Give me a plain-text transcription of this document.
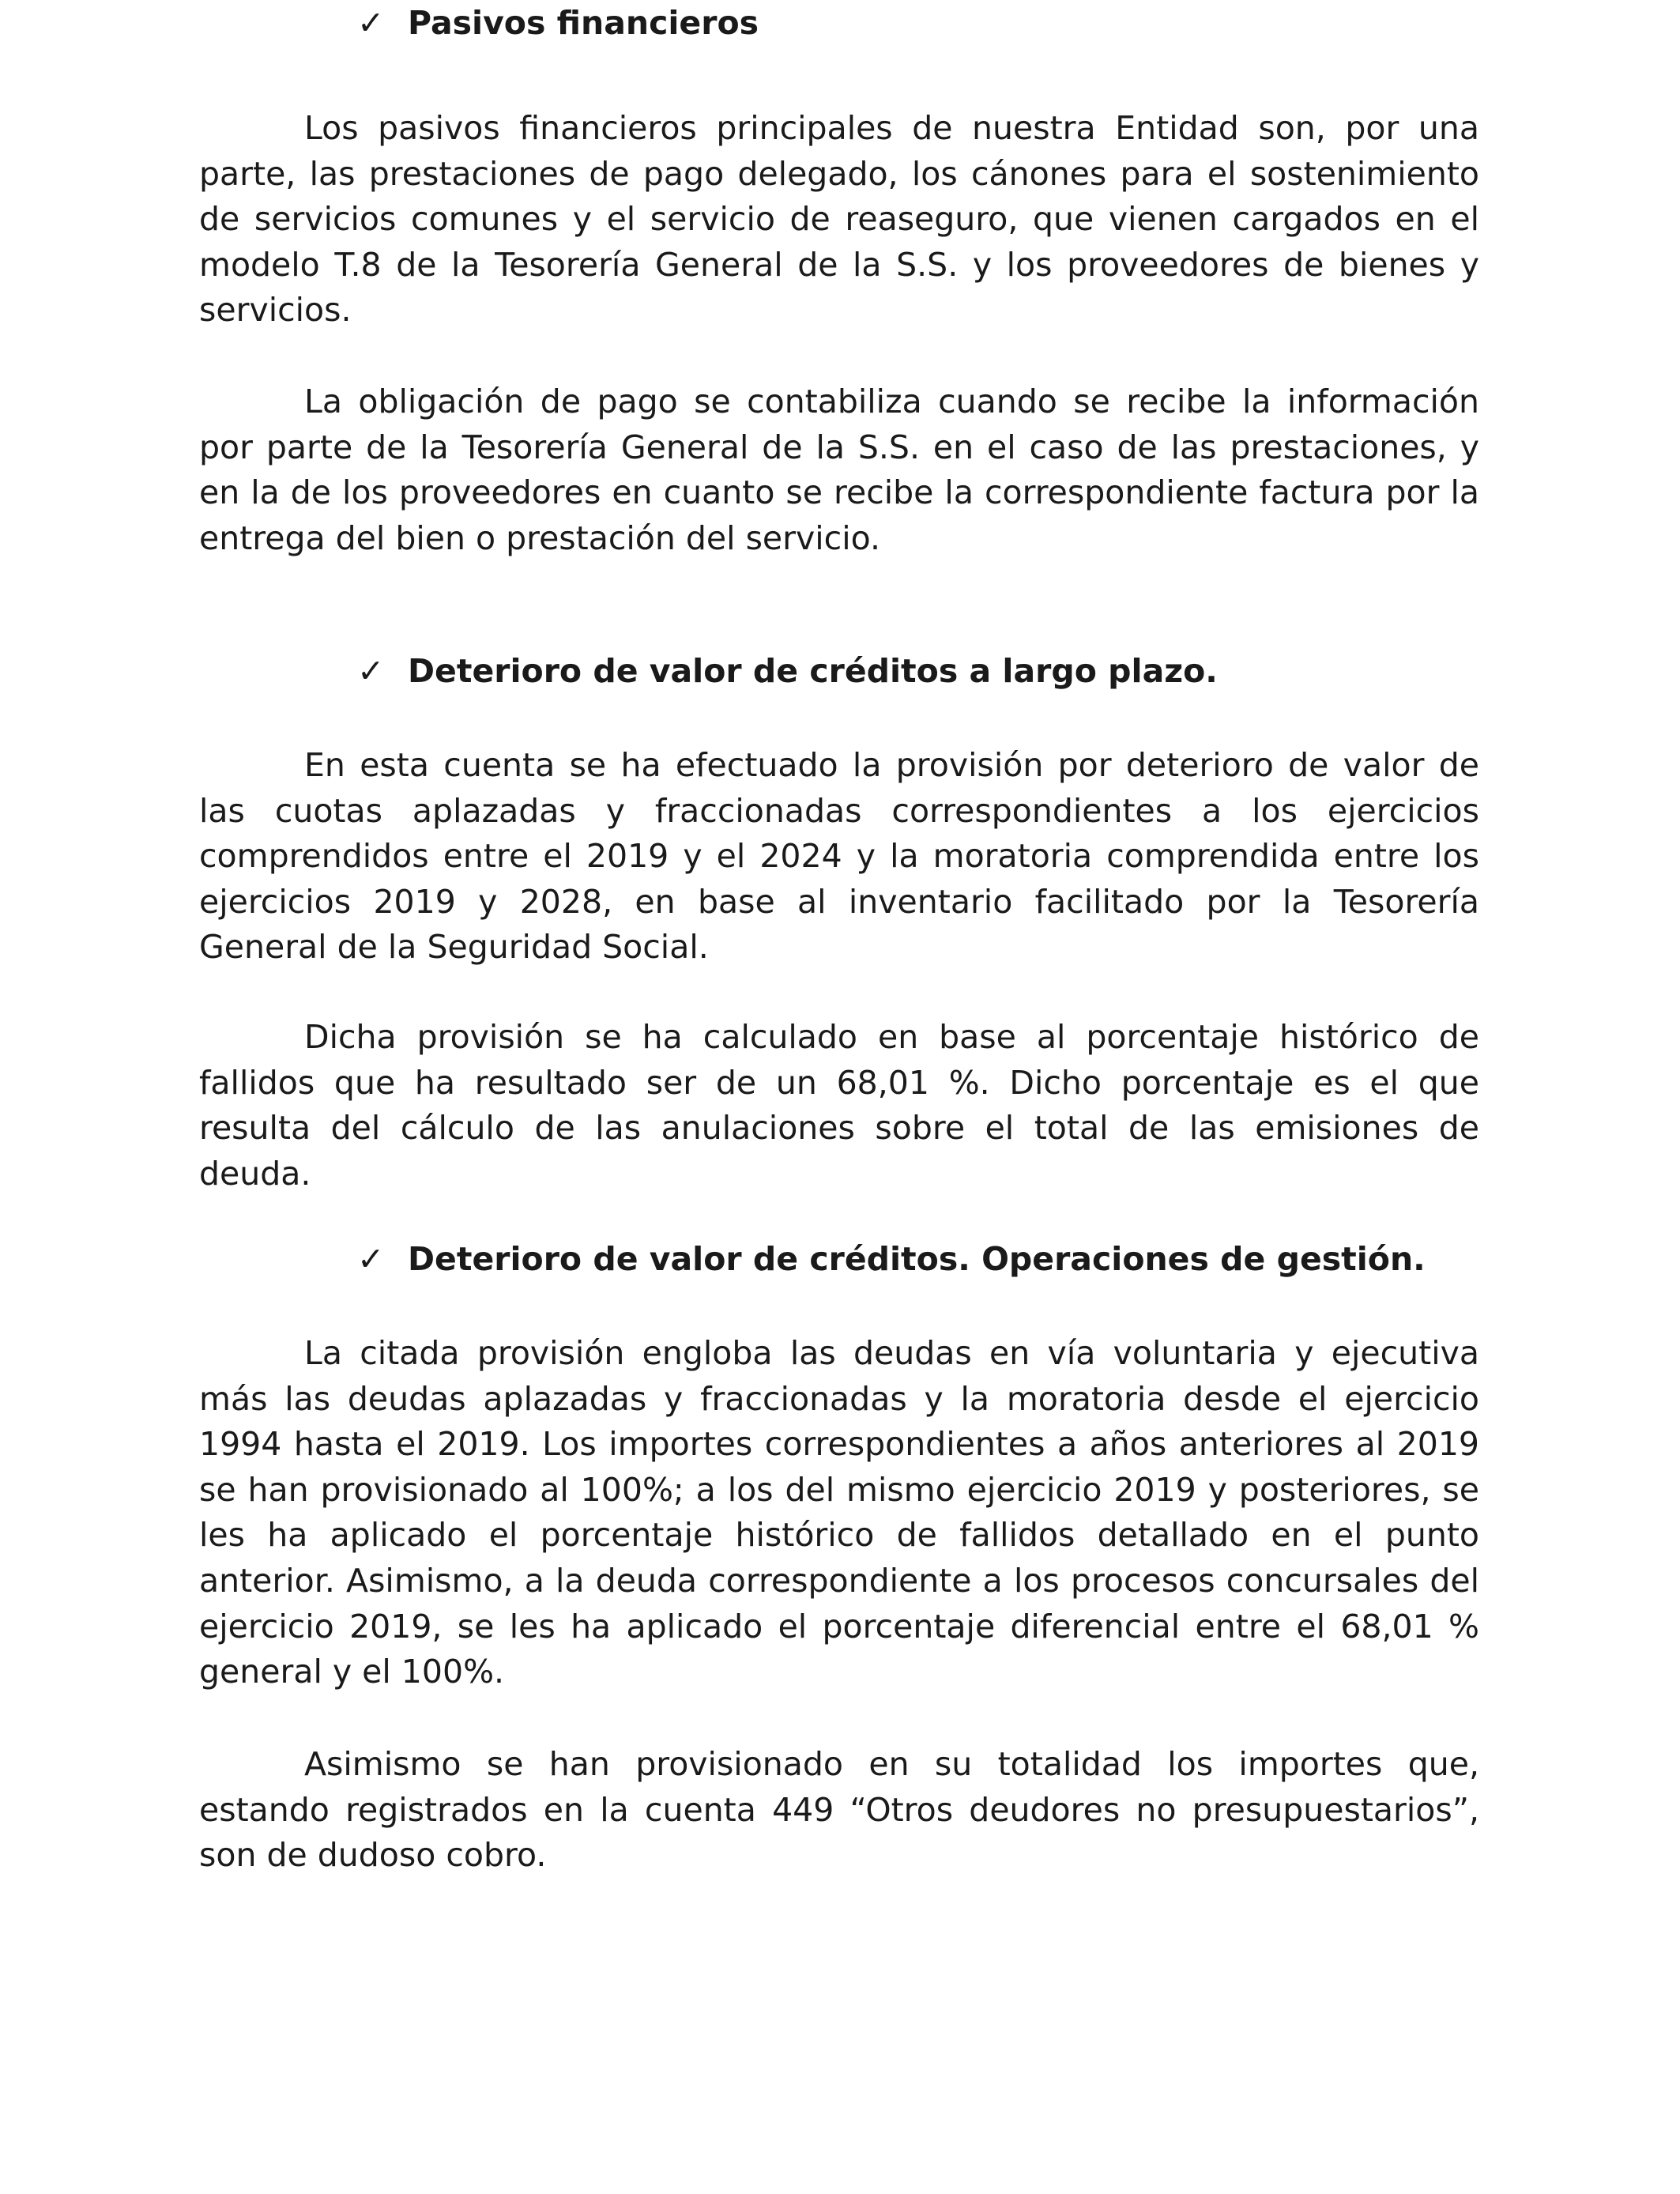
✓ Pasivos financieros

Los pasivos financieros principales de nuestra Entidad son, por una parte, las prestaciones de pago delegado, los cánones para el sostenimiento de servicios comunes y el servicio de reaseguro, que vienen cargados en el modelo T.8 de la Tesorería General de la S.S. y los proveedores de bienes y servicios.

La obligación de pago se contabiliza cuando se recibe la información por parte de la Tesorería General de la S.S. en el caso de las prestaciones, y en la de los proveedores en cuanto se recibe la correspondiente factura por la entrega del bien o prestación del servicio.

✓ Deterioro de valor de créditos a largo plazo.

En esta cuenta se ha efectuado la provisión por deterioro de valor de las cuotas aplazadas y fraccionadas correspondientes a los ejercicios comprendidos entre el 2019 y el 2024 y la moratoria comprendida entre los ejercicios 2019 y 2028, en base al inventario facilitado por la Tesorería General de la Seguridad Social.

Dicha provisión se ha calculado en base al porcentaje histórico de fallidos que ha resultado ser de un 68,01 %. Dicho porcentaje es el que resulta del cálculo de las anulaciones sobre el total de las emisiones de deuda.

✓ Deterioro de valor de créditos. Operaciones de gestión.

La citada provisión engloba las deudas en vía voluntaria y ejecutiva más las deudas aplazadas y fraccionadas y la moratoria desde el ejercicio 1994 hasta el 2019. Los importes correspondientes a años anteriores al 2019 se han provisionado al 100%; a los del mismo ejercicio 2019 y posteriores, se les ha aplicado el porcentaje histórico de fallidos detallado en el punto anterior. Asimismo, a la deuda correspondiente a los procesos concursales del ejercicio 2019, se les ha aplicado el porcentaje diferencial entre el 68,01 % general y el 100%.

Asimismo se han provisionado en su totalidad los importes que, estando registrados en la cuenta 449 “Otros deudores no presupuestarios”, son de dudoso cobro.
